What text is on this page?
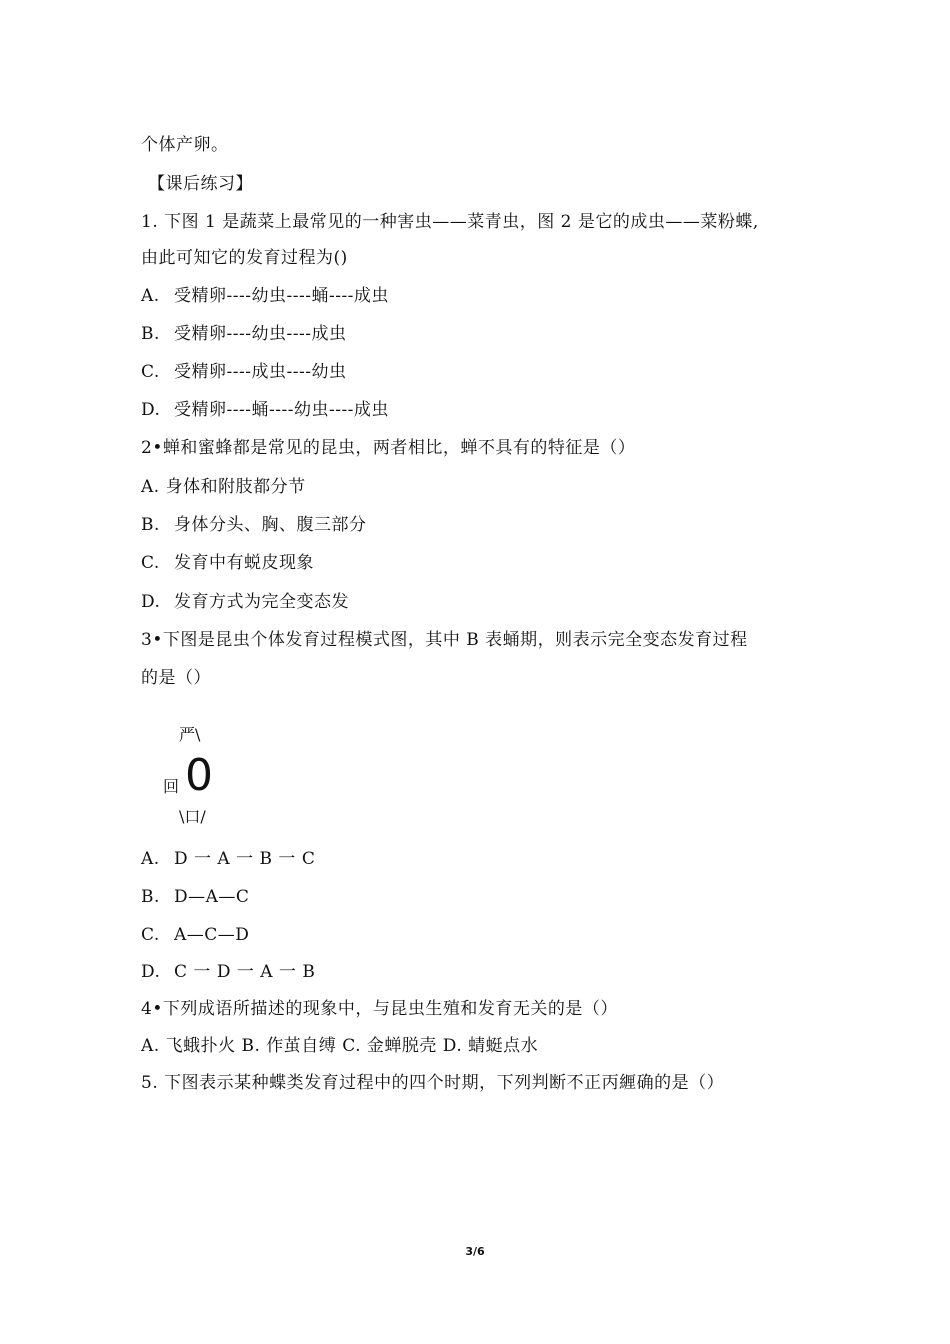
个体产卵。
【课后练习】
1. 下图 1 是蔬菜上最常见的一种害虫——菜青虫，图 2 是它的成虫——菜粉蝶,
由此可知它的发育过程为()
A. 受精卵----幼虫----蛹----成虫
B. 受精卵----幼虫----成虫
C. 受精卵----成虫----幼虫
D. 受精卵----蛹----幼虫----成虫
2•蝉和蜜蜂都是常见的昆虫，两者相比，蝉不具有的特征是（）
A. 身体和附肢都分节
B. 身体分头、胸、腹三部分
C. 发育中有蜕皮现象
D. 发育方式为完全变态发
3•下图是昆虫个体发育过程模式图，其中 B 表蛹期，则表示完全变态发育过程
的是（）
严\
回 0
\口/
A. D 一 A 一 B 一 C
B. D—A—C
C. A—C—D
D. C 一 D 一 A 一 B
4•下列成语所描述的现象中，与昆虫生殖和发育无关的是（）
A. 飞蛾扑火 B. 作茧自缚 C. 金蝉脱壳 D. 蜻蜓点水
5. 下图表示某种蝶类发育过程中的四个时期，下列判断不正丙緾确的是（）
3/6
